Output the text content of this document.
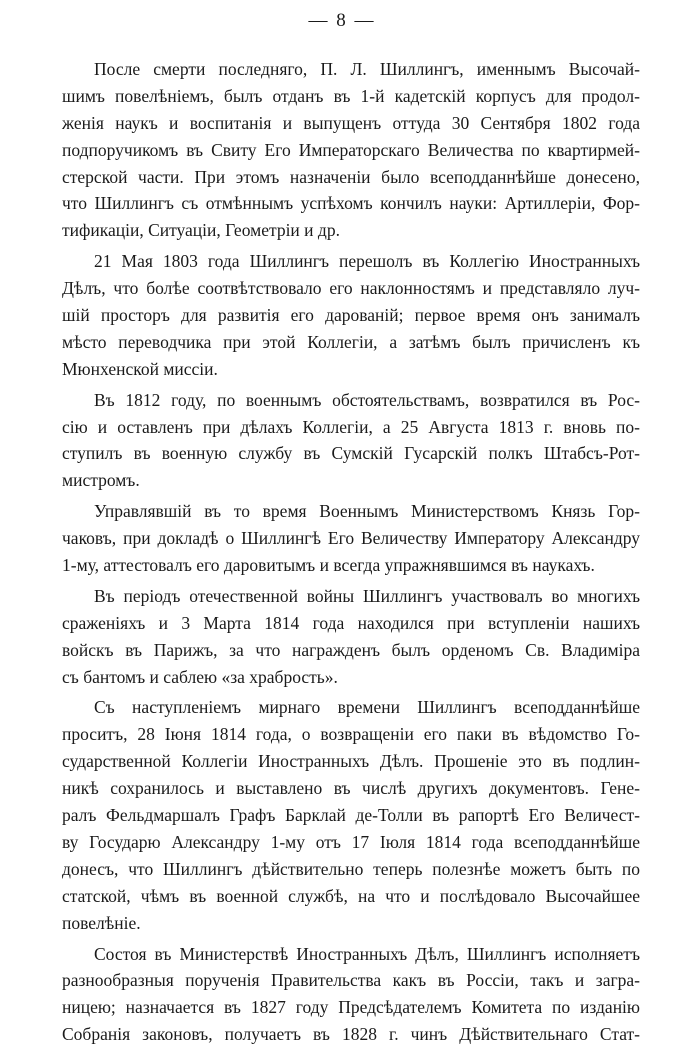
— 8 —
После смерти последняго, П. Л. Шиллингъ, именнымъ Высочай-
шимъ повелѣніемъ, былъ отданъ въ 1-й кадетскій корпусъ для продол-
женія наукъ и воспитанія и выпущенъ оттуда 30 Сентября 1802 года
подпоручикомъ въ Свиту Его Императорскаго Величества по квартирмей-
стерской части. При этомъ назначеніи было всеподданнѣйше донесено,
что Шиллингъ съ отмѣннымъ успѣхомъ кончилъ науки: Артиллеріи, Фор-
тификаціи, Ситуаціи, Геометріи и др.
21 Мая 1803 года Шиллингъ перешолъ въ Коллегію Иностранныхъ
Дѣлъ, что болѣе соотвѣтствовало его наклонностямъ и представляло луч-
шій просторъ для развитія его дарованій; первое время онъ занималъ
мѣсто переводчика при этой Коллегіи, а затѣмъ былъ причисленъ къ
Мюнхенской миссіи.
Въ 1812 году, по военнымъ обстоятельствамъ, возвратился въ Рос-
сію и оставленъ при дѣлахъ Коллегіи, а 25 Августа 1813 г. вновь по-
ступилъ въ военную службу въ Сумскій Гусарскій полкъ Штабсъ-Рот-
мистромъ.
Управлявшій въ то время Военнымъ Министерствомъ Князь Гор-
чаковъ, при докладѣ о Шиллингѣ Его Величеству Императору Александру
1-му, аттестовалъ его даровитымъ и всегда упражнявшимся въ наукахъ.
Въ періодъ отечественной войны Шиллингъ участвовалъ во многихъ
сраженіяхъ и 3 Марта 1814 года находился при вступленіи нашихъ
войскъ въ Парижъ, за что награжденъ былъ орденомъ Св. Владиміра
съ бантомъ и саблею «за храбрость».
Съ наступленіемъ мирнаго времени Шиллингъ всеподданнѣйше
проситъ, 28 Іюня 1814 года, о возвращеніи его паки въ вѣдомство Го-
сударственной Коллегіи Иностранныхъ Дѣлъ. Прошеніе это въ подлин-
никѣ сохранилось и выставлено въ числѣ другихъ документовъ. Гене-
ралъ Фельдмаршалъ Графъ Барклай де-Толли въ рапортѣ Его Величест-
ву Государю Александру 1-му отъ 17 Іюля 1814 года всеподданнѣйше
донесъ, что Шиллингъ дѣйствительно теперь полезнѣе можетъ быть по
статской, чѣмъ въ военной службѣ, на что и послѣдовало Высочайшее
повелѣніе.
Состоя въ Министерствѣ Иностранныхъ Дѣлъ, Шиллингъ исполняетъ
разнообразныя порученія Правительства какъ въ Россіи, такъ и загра-
ницею; назначается въ 1827 году Предсѣдателемъ Комитета по изданію
Собранія законовъ, получаетъ въ 1828 г. чинъ Дѣйствительнаго Стат-
